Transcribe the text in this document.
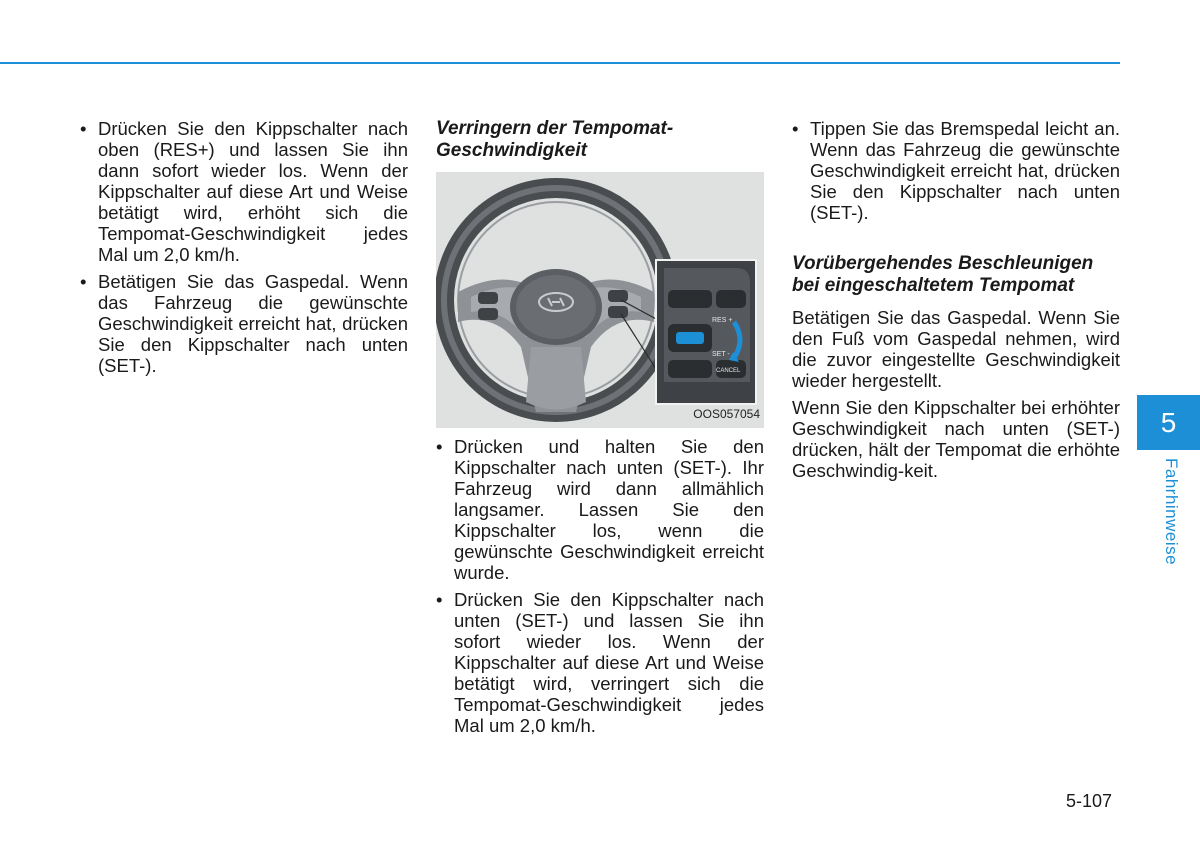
• Drücken Sie den Kippschalter nach oben (RES+) und lassen Sie ihn dann sofort wieder los. Wenn der Kippschalter auf diese Art und Weise betätigt wird, erhöht sich die Tempomat-Geschwindigkeit jedes Mal um 2,0 km/h.
• Betätigen Sie das Gaspedal. Wenn das Fahrzeug die gewünschte Geschwindigkeit erreicht hat, drücken Sie den Kippschalter nach unten (SET-).
Verringern der Tempomat-Geschwindigkeit
RES +
SET -
CANCEL
OOS057054
• Drücken und halten Sie den Kippschalter nach unten (SET-). Ihr Fahrzeug wird dann allmählich langsamer. Lassen Sie den Kippschalter los, wenn die gewünschte Geschwindigkeit erreicht wurde.
• Drücken Sie den Kippschalter nach unten (SET-) und lassen Sie ihn sofort wieder los. Wenn der Kippschalter auf diese Art und Weise betätigt wird, verringert sich die Tempomat-Geschwindigkeit jedes Mal um 2,0 km/h.
• Tippen Sie das Bremspedal leicht an. Wenn das Fahrzeug die gewünschte Geschwindigkeit erreicht hat, drücken Sie den Kippschalter nach unten (SET-).
Vorübergehendes Beschleunigen bei eingeschaltetem Tempomat

Betätigen Sie das Gaspedal. Wenn Sie den Fuß vom Gaspedal nehmen, wird die zuvor eingestellte Geschwindigkeit wieder hergestellt.

Wenn Sie den Kippschalter bei erhöhter Geschwindigkeit nach unten (SET-) drücken, hält der Tempomat die erhöhte Geschwindig-keit.

5
Fahrhinweise
5-107
